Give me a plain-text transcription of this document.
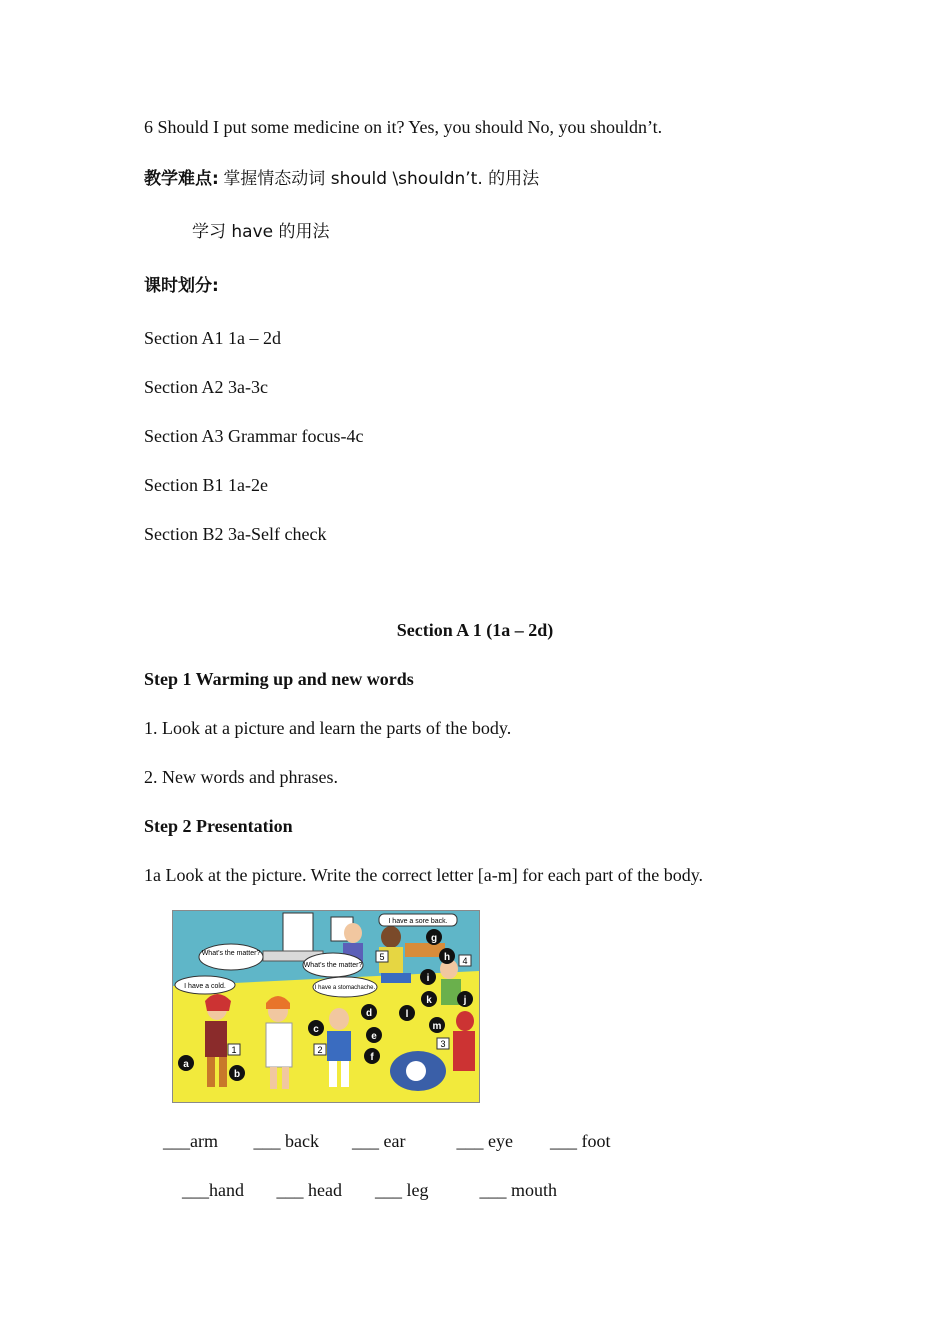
6 Should I put some medicine on it? Yes, you should No, you shouldn’t.
教学难点: 掌握情态动词 should \shouldn’t. 的用法
学习 have 的用法
课时划分:
Section A1 1a – 2d
Section A2 3a-3c
Section A3 Grammar focus-4c
Section B1 1a-2e
Section B2 3a-Self check
Section A 1 (1a – 2d)
Step 1 Warming up and new words
1. Look at a picture and learn the parts of the body.
2. New words and phrases.
Step 2 Presentation
1a Look at the picture. Write the correct letter [a-m] for each part of the body.
What’s the matter?
I have a cold.
What’s the matter?
I have a stomachache.
I have a sore back.
a
b
c
d
e
f
g
h
i
j
k
l
m
1	2
3
4
5
___arm ___ back ___ ear	___ eye ___ foot
___hand ___ head ___ leg	___ mouth
